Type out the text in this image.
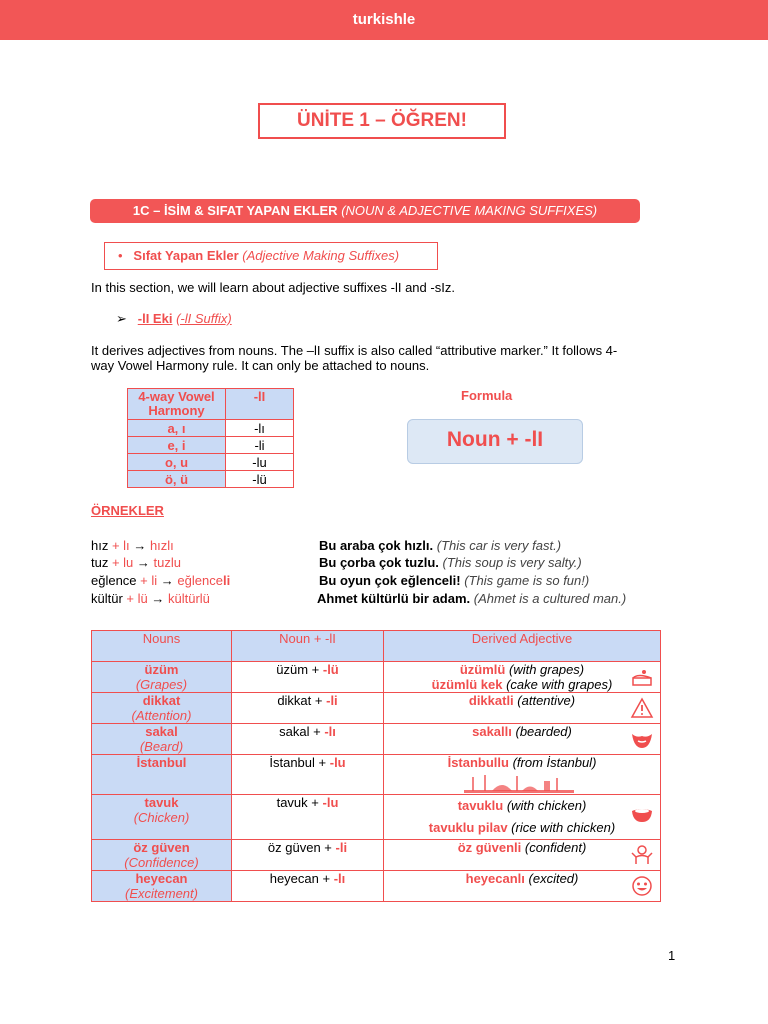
turkishle
ÜNİTE 1 – ÖĞREN!
1C – İSİM & SIFAT YAPAN EKLER (NOUN & ADJECTIVE MAKING SUFFIXES)
• Sıfat Yapan Ekler (Adjective Making Suffixes)
In this section, we will learn about adjective suffixes -lI and -sIz.
➢ -lI Eki (-lI Suffix)
It derives adjectives from nouns. The –lI suffix is also called “attributive marker.” It follows 4-
way Vowel Harmony rule. It can only be attached to nouns.
4-way Vowel
Harmony	-lI
a, ı	-lı
e, i	-li
o, u	-lu
ö, ü	-lü
Formula
Noun + -lI
ÖRNEKLER
hız + lı → hızlı	Bu araba çok hızlı. (This car is very fast.)
tuz + lu → tuzlu	Bu çorba çok tuzlu. (This soup is very salty.)
eğlence + li → eğlenceli	Bu oyun çok eğlenceli! (This game is so fun!)
kültür + lü → kültürlü	Ahmet kültürlü bir adam. (Ahmet is a cultured man.)
Nouns	Noun + -lI	Derived Adjective
üzüm
(Grapes)	üzüm + -lü	üzümlü (with grapes)
üzümlü kek (cake with grapes)

dikkat
(Attention)	dikkat + -li	dikkatli (attentive)

sakal
(Beard)	sakal + -lı	sakallı (bearded)

İstanbul	İstanbul + -lu	İstanbullu (from İstanbul)

tavuk
(Chicken)	tavuk + -lu	tavuklu (with chicken)
tavuklu pilav (rice with chicken)

öz güven
(Confidence)	öz güven + -li	öz güvenli (confident)

heyecan
(Excitement)	heyecan + -lı	heyecanlı (excited)
1
